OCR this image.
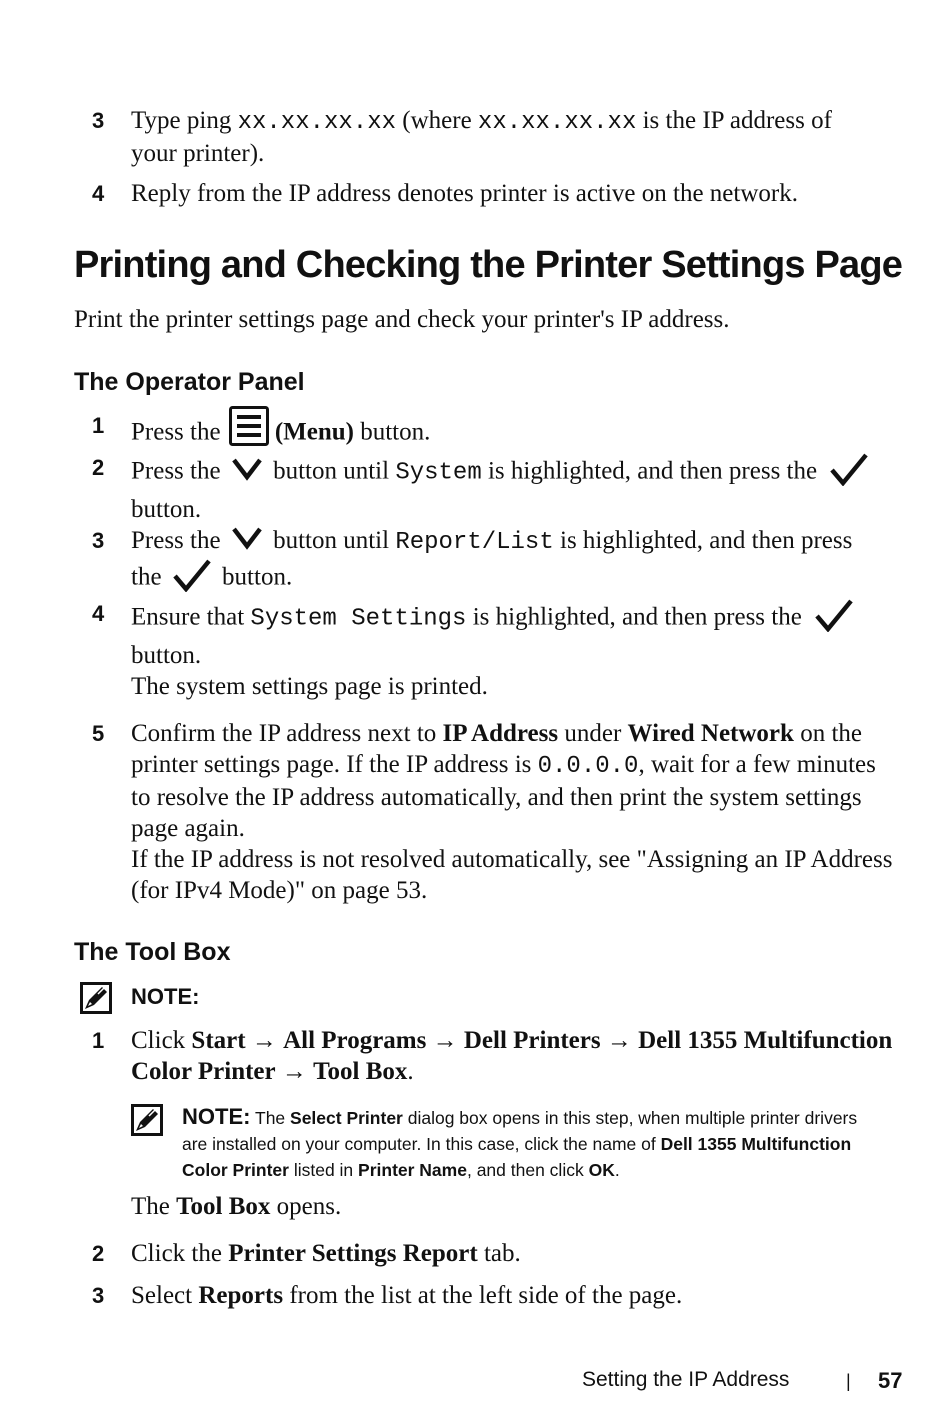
3 Type ping xx.xx.xx.xx (where xx.xx.xx.xx is the IP address of
your printer).
4 Reply from the IP address denotes printer is active on the network.
Printing and Checking the Printer Settings Page
Print the printer settings page and check your printer's IP address.
The Operator Panel
1 Press the (Menu) button.
2 Press the  button until System is highlighted, and then press the
button.
3 Press the  button until Report/List is highlighted, and then press
the  button.
4 Ensure that System Settings is highlighted, and then press the
button.
The system settings page is printed.
5 Confirm the IP address next to IP Address under Wired Network on the
printer settings page. If the IP address is 0.0.0.0, wait for a few minutes
to resolve the IP address automatically, and then print the system settings
page again.
If the IP address is not resolved automatically, see "Assigning an IP Address
(for IPv4 Mode)" on page 53.
The Tool Box
NOTE:
1 Click Start → All Programs → Dell Printers → Dell 1355 Multifunction
Color Printer → Tool Box.
NOTE: The Select Printer dialog box opens in this step, when multiple printer drivers
are installed on your computer. In this case, click the name of Dell 1355 Multifunction
Color Printer listed in Printer Name, and then click OK.
The Tool Box opens.
2 Click the Printer Settings Report tab.
3 Select Reports from the list at the left side of the page.
Setting the IP Address	| 57
